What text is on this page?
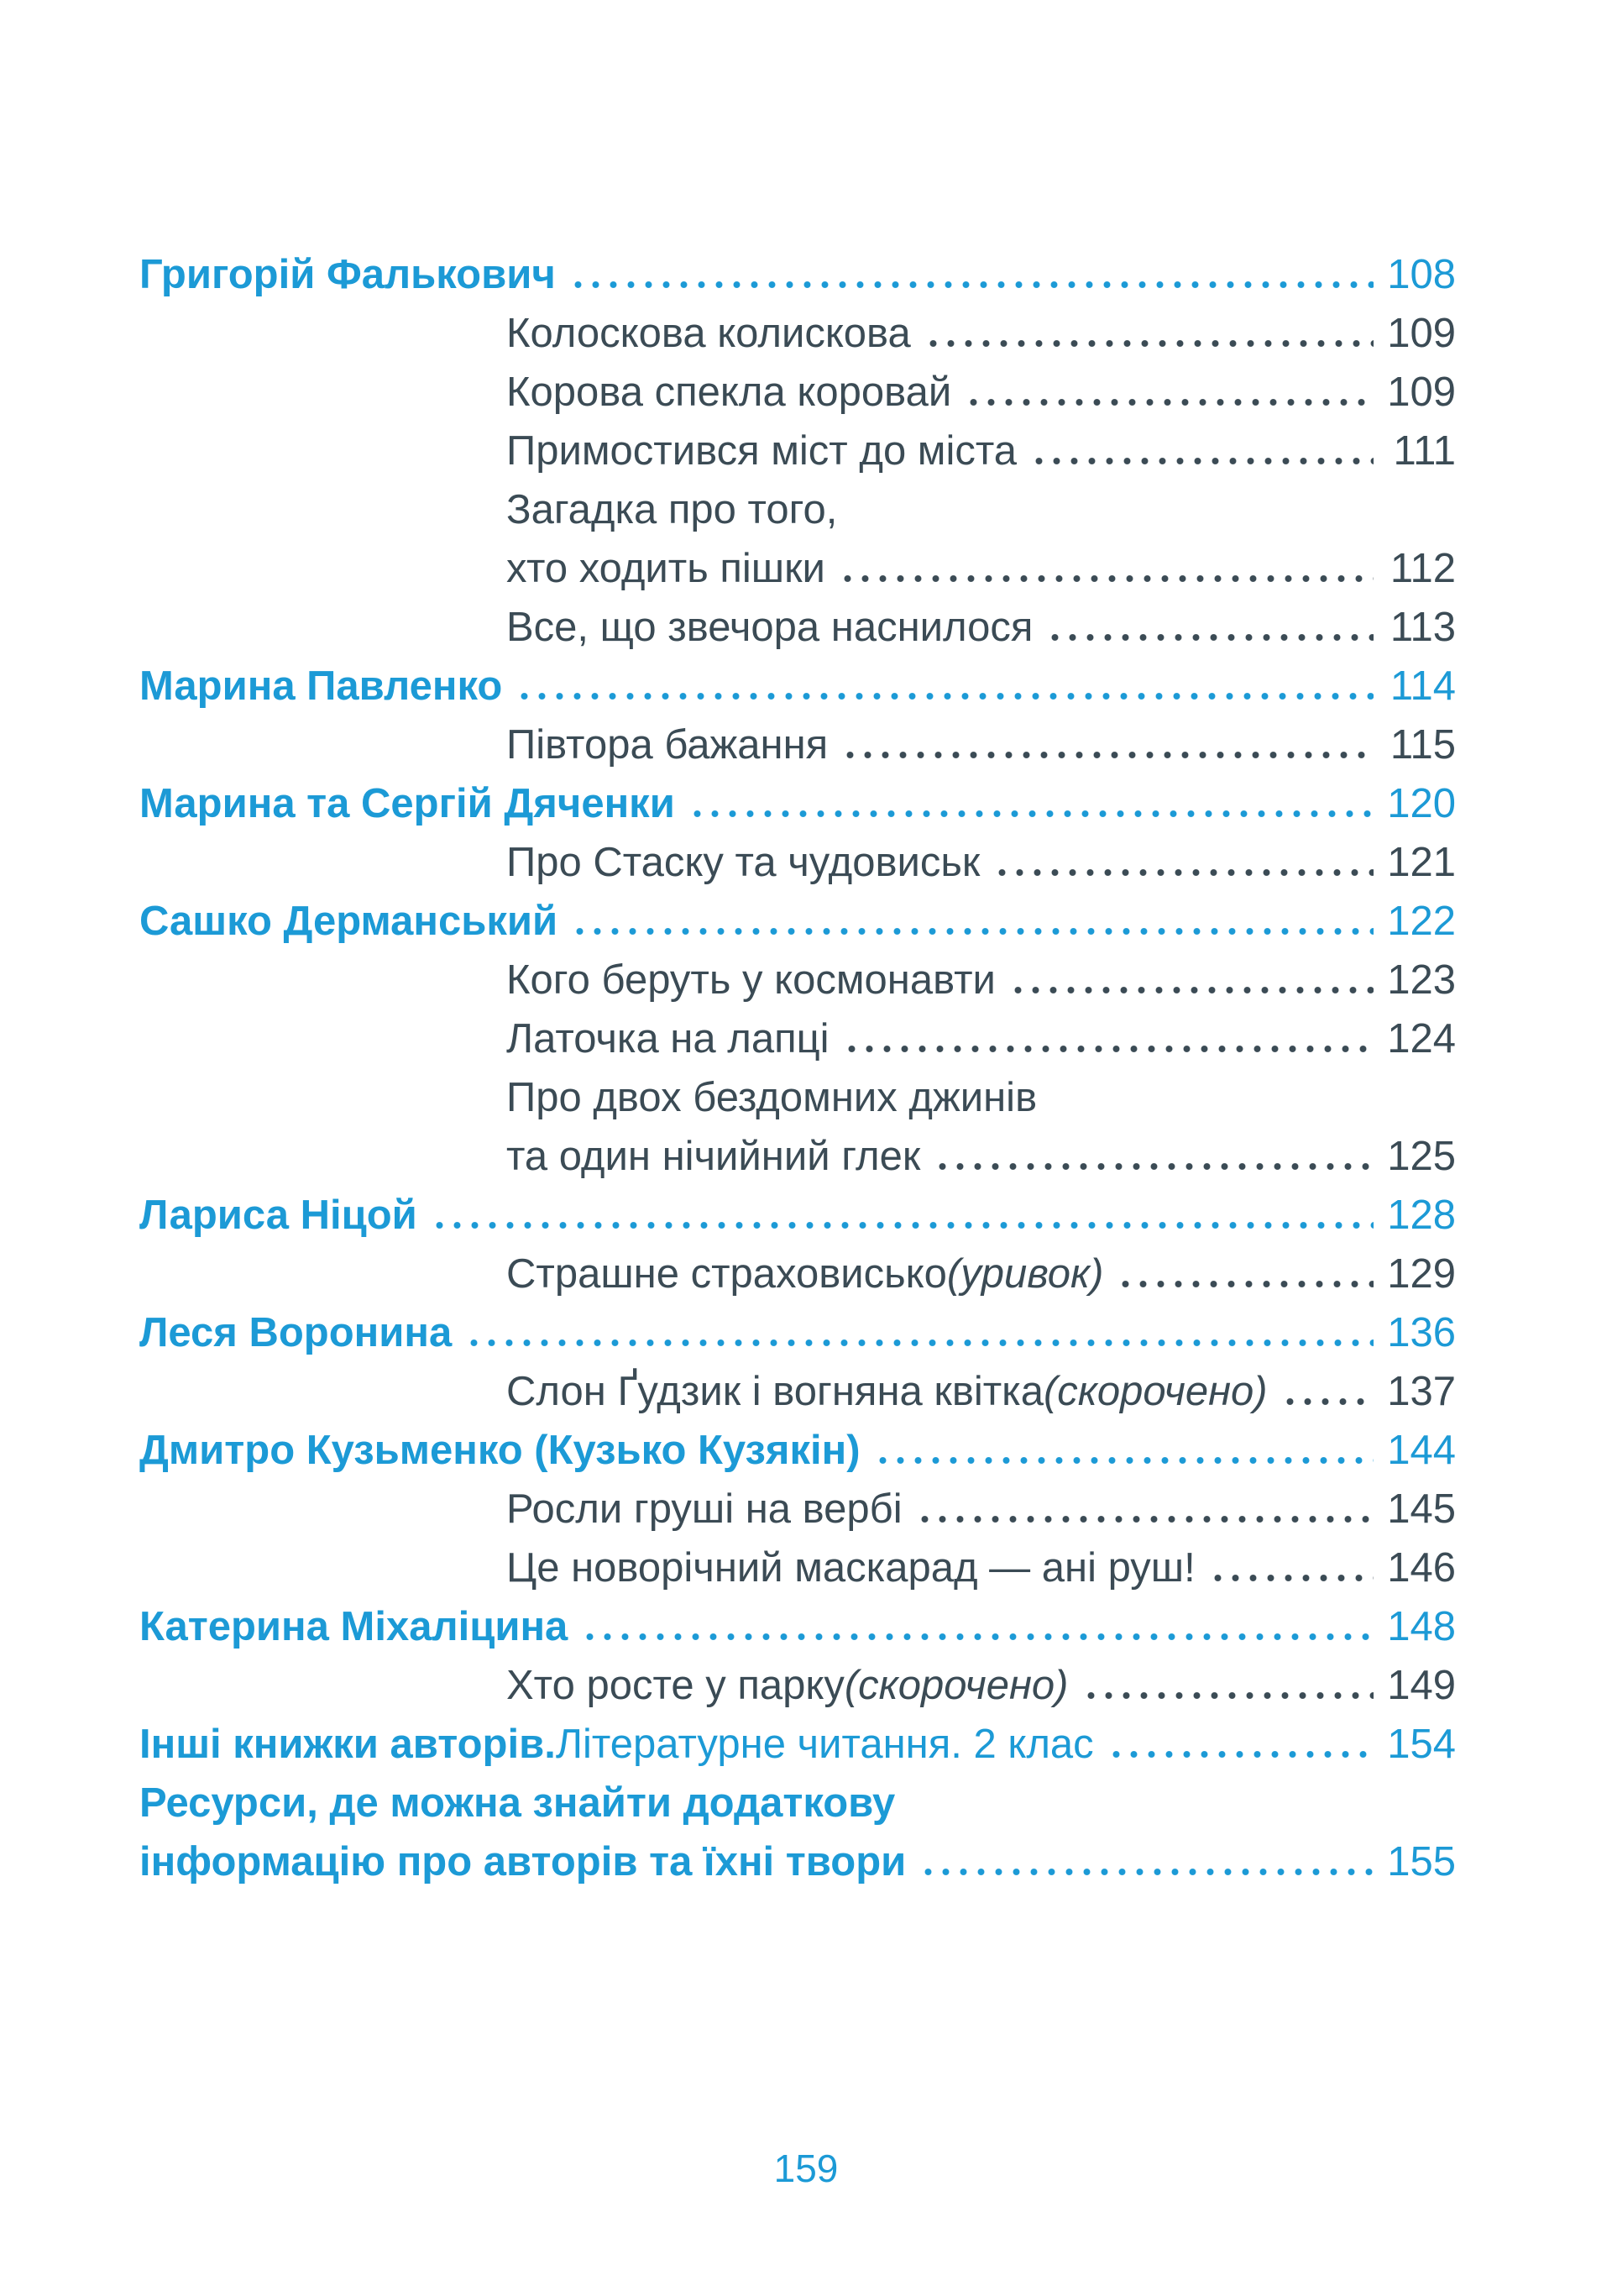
Григорій Фалькович	108
Колоскова колискова	109
Корова спекла коровай	109
Примостився міст до міста	111
Загадка про того,
хто ходить пішки	112
Все, що звечора наснилося	113
Марина Павленко	114
Півтора бажання	115
Марина та Сергій Дяченки	120
Про Стаску та чудовиськ	121
Сашко Дерманський	122
Кого беруть у космонавти	123
Латочка на лапці	124
Про двох бездомних джинів
та один нічийний глек	125
Лариса Ніцой	128
Страшне страховисько (уривок)	129
Леся Воронина	136
Слон Ґудзик і вогняна квітка (скорочено)	137
Дмитро Кузьменко (Кузько Кузякін)	144
Росли груші на вербі	145
Це новорічний маскарад — ані руш!	146
Катерина Міхаліцина	148
Хто росте у парку (скорочено)	149
Інші книжки авторів. Літературне читання. 2 клас	154
Ресурси, де можна знайти додаткову
інформацію про авторів та їхні твори	155
159
